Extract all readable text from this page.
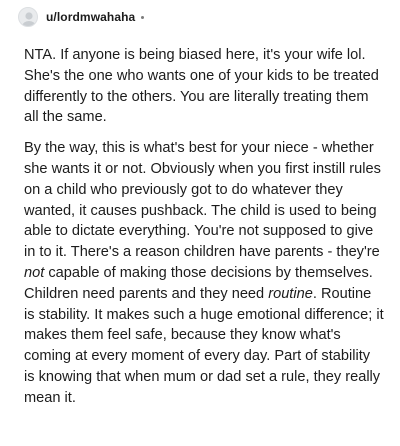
u/lordmwahaha

NTA. If anyone is being biased here, it's your wife lol. She's the one who wants one of your kids to be treated differently to the others. You are literally treating them all the same.

By the way, this is what's best for your niece - whether she wants it or not. Obviously when you first instill rules on a child who previously got to do whatever they wanted, it causes pushback. The child is used to being able to dictate everything. You're not supposed to give in to it. There's a reason children have parents - they're not capable of making those decisions by themselves. Children need parents and they need routine. Routine is stability. It makes such a huge emotional difference; it makes them feel safe, because they know what's coming at every moment of every day. Part of stability is knowing that when mum or dad set a rule, they really mean it.
